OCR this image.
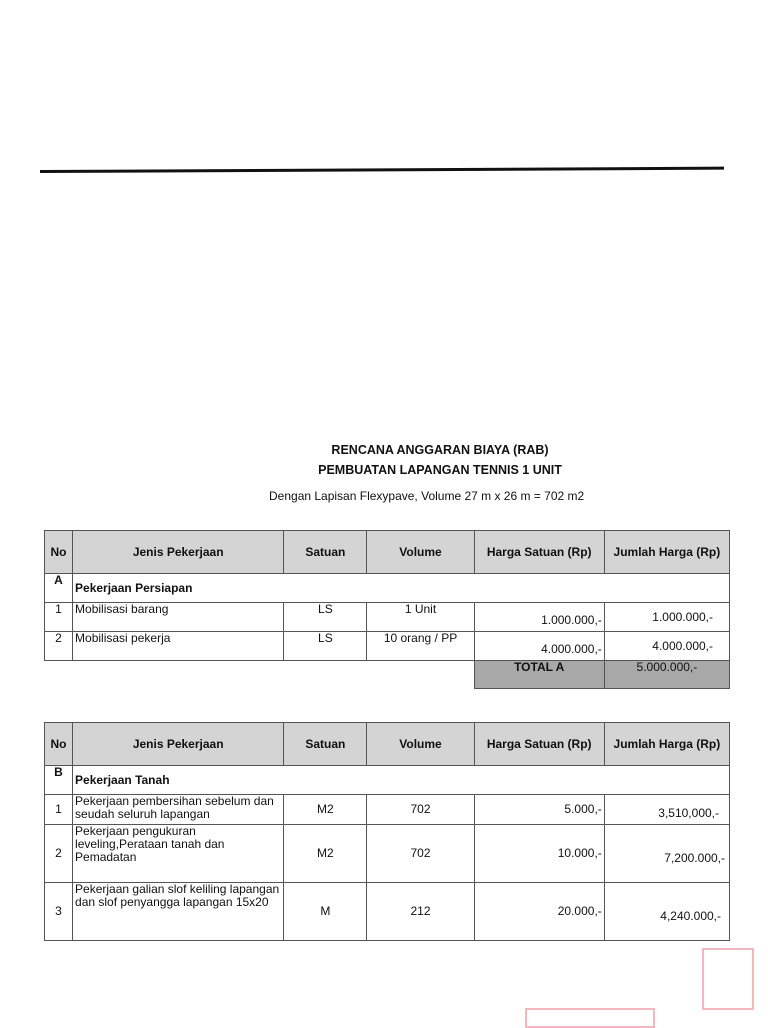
RENCANA ANGGARAN BIAYA (RAB)
PEMBUATAN LAPANGAN TENNIS 1 UNIT
Dengan Lapisan Flexypave, Volume 27 m x 26 m = 702 m2
No	Jenis Pekerjaan	Satuan	Volume	Harga Satuan (Rp)	Jumlah Harga (Rp)
A	Pekerjaan Persiapan				
1	Mobilisasi barang	LS	1 Unit	1.000.000,-	1.000.000,-
2	Mobilisasi pekerja	LS	10 orang / PP	4.000.000,-	4.000.000,-
				TOTAL A	5.000.000,-
No	Jenis Pekerjaan	Satuan	Volume	Harga Satuan (Rp)	Jumlah Harga (Rp)
B	Pekerjaan Tanah				
1	Pekerjaan pembersihan sebelum dan seudah seluruh lapangan	M2	702	5.000,-	3,510,000,-
2	Pekerjaan pengukuran leveling,Perataan tanah dan Pemadatan	M2	702	10.000,-	7,200.000,-
3	Pekerjaan galian slof keliling lapangan dan slof penyangga lapangan 15x20	M	212	20.000,-	4,240.000,-
